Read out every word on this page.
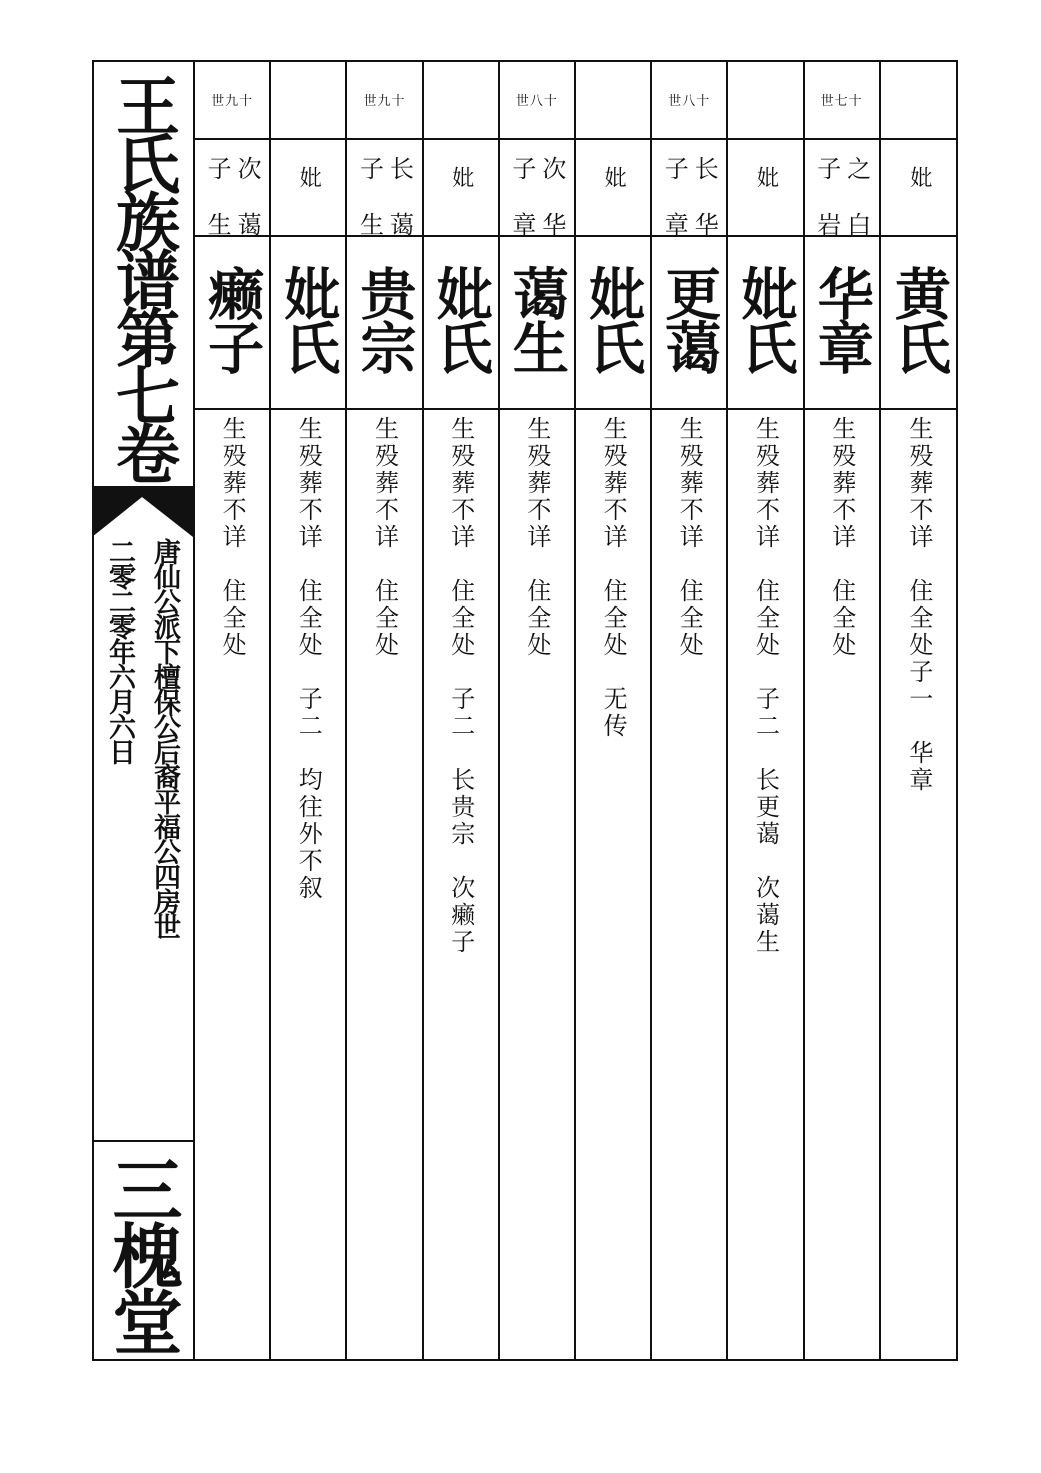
王氏族谱第七卷
唐仙公派下檀保公后裔平福公四房世
二零二零年六月六日
三槐堂
世九十
次 蔼
子 生
癞子
生殁葬不详　住全处
妣
妣氏
生殁葬不详　住全处　子二　均往外不叙
世九十
长 蔼
子 生
贵宗
生殁葬不详　住全处
妣
妣氏
生殁葬不详　住全处　子二　长贵宗　次癞子
世八十
次 华
子 章
蔼生
生殁葬不详　住全处
妣
妣氏
生殁葬不详　住全处　无传
世八十
长 华
子 章
更蔼
生殁葬不详　住全处
妣
妣氏
生殁葬不详　住全处　子二　长更蔼　次蔼生
世七十
之 白
子 岩
华章
生殁葬不详　住全处
妣
黄氏
生殁葬不详　住全处子一　华章
